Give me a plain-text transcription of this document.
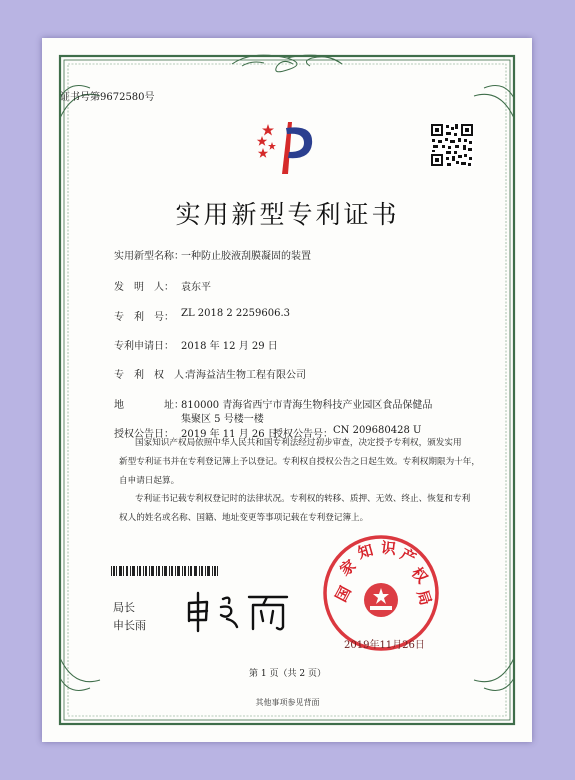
证书号第9672580号
实用新型专利证书
实用新型名称：
一种防止胶液刮膜凝固的装置
发　明　人： 袁东平
专　利　号： ZL 2018 2 2259606.3
专利申请日： 2018 年 12 月 29 日
专　利　权　人：
青海益洁生物工程有限公司
地　　　　址：
810000 青海省西宁市青海生物科技产业园区食品保健品
集聚区 5 号楼一楼
授权公告日： 2019 年 11 月 26 日
授权公告号： CN 209680428 U
国家知识产权局依照中华人民共和国专利法经过初步审查，决定授予专利权，颁发实用
新型专利证书并在专利登记簿上予以登记。专利权自授权公告之日起生效。专利权期限为十年，
自申请日起算。
专利证书记载专利权登记时的法律状况。专利权的转移、质押、无效、终止、恢复和专利
权人的姓名或名称、国籍、地址变更等事项记载在专利登记簿上。
局长
申长雨
国
家
知 识 产
权
局
2019年11月26日
第 1 页（共 2 页）
其他事项参见背面
